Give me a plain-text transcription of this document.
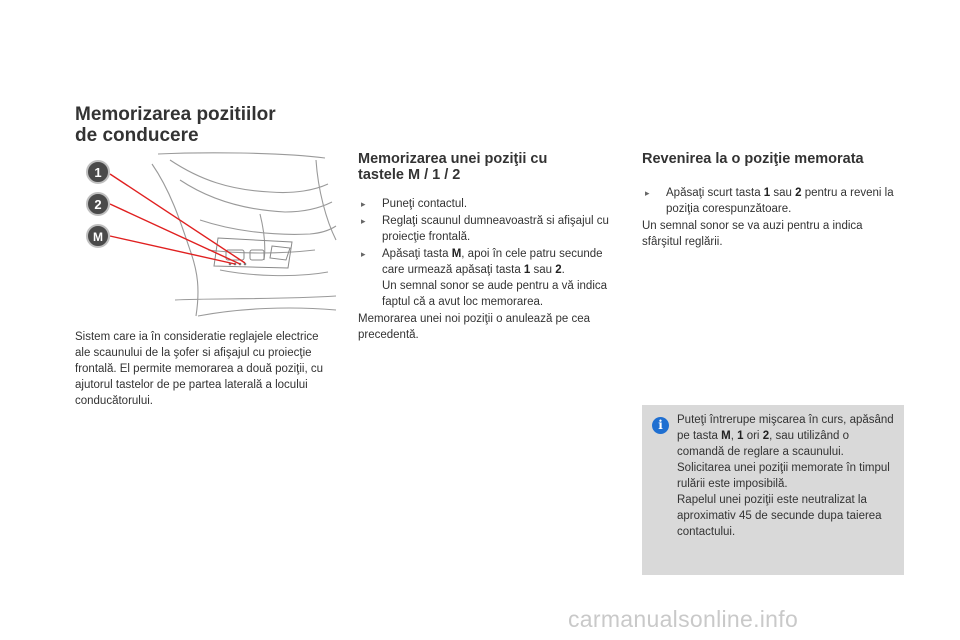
Memorizarea pozitiilor
de conducere
1
2
M
Sistem care ia în consideratie reglajele electrice ale scaunului de la şofer si afişajul cu proiecţie frontală. El permite memorarea a două poziţii, cu ajutorul tastelor de pe partea laterală a locului conducătorului.
Memorizarea unei poziţii cu
tastele M / 1 / 2
▸ Puneţi contactul.
▸ Reglaţi scaunul dumneavoastră si afişajul cu proiecţie frontală.
▸ Apăsaţi tasta M, apoi în cele patru secunde care urmează apăsaţi tasta 1 sau 2.
Un semnal sonor se aude pentru a vă indica faptul că a avut loc memorarea.

Memorarea unei noi poziţii o anulează pe cea precedentă.

Revenirea la o poziţie memorata
▸ Apăsaţi scurt tasta 1 sau 2 pentru a reveni la poziţia corespunzătoare.

Un semnal sonor se va auzi pentru a indica sfârşitul reglării.

i	Puteţi întrerupe mişcarea în curs, apăsând pe tasta M, 1 ori 2, sau utilizând o comandă de reglare a scaunului.

Solicitarea unei poziţii memorate în timpul rulării este imposibilă.

Rapelul unei poziţii este neutralizat la aproximativ 45 de secunde dupa taierea contactului.

carmanualsonline.info
